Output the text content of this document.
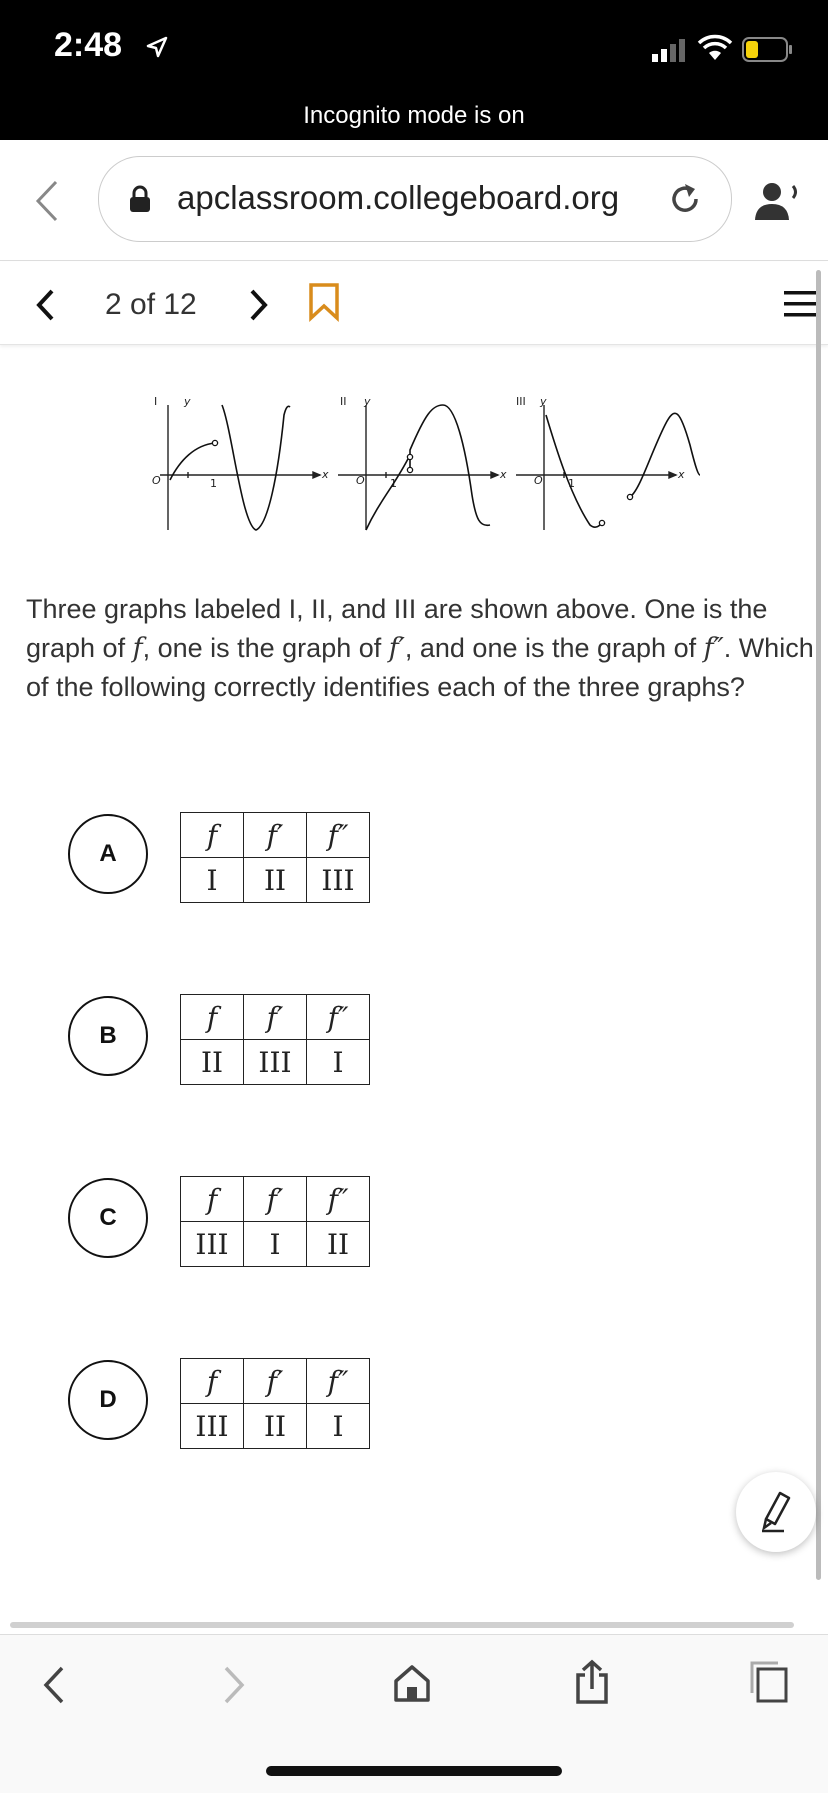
2:48
Incognito mode is on
apclassroom.collegeboard.org
2 of 12
I y
O	1
x
II y
O 1
x
III y
O 1
x
Three graphs labeled I, II, and III are shown above. One is the graph of f, one is the graph of f′, and one is the graph of f″. Which of the following correctly identifies each of the three graphs?
A
f	f′	f″
I	II	III
B
f	f′	f″
II	III	I
C
f	f′	f″
III	I	II
D
f	f′	f″
III	II	I
